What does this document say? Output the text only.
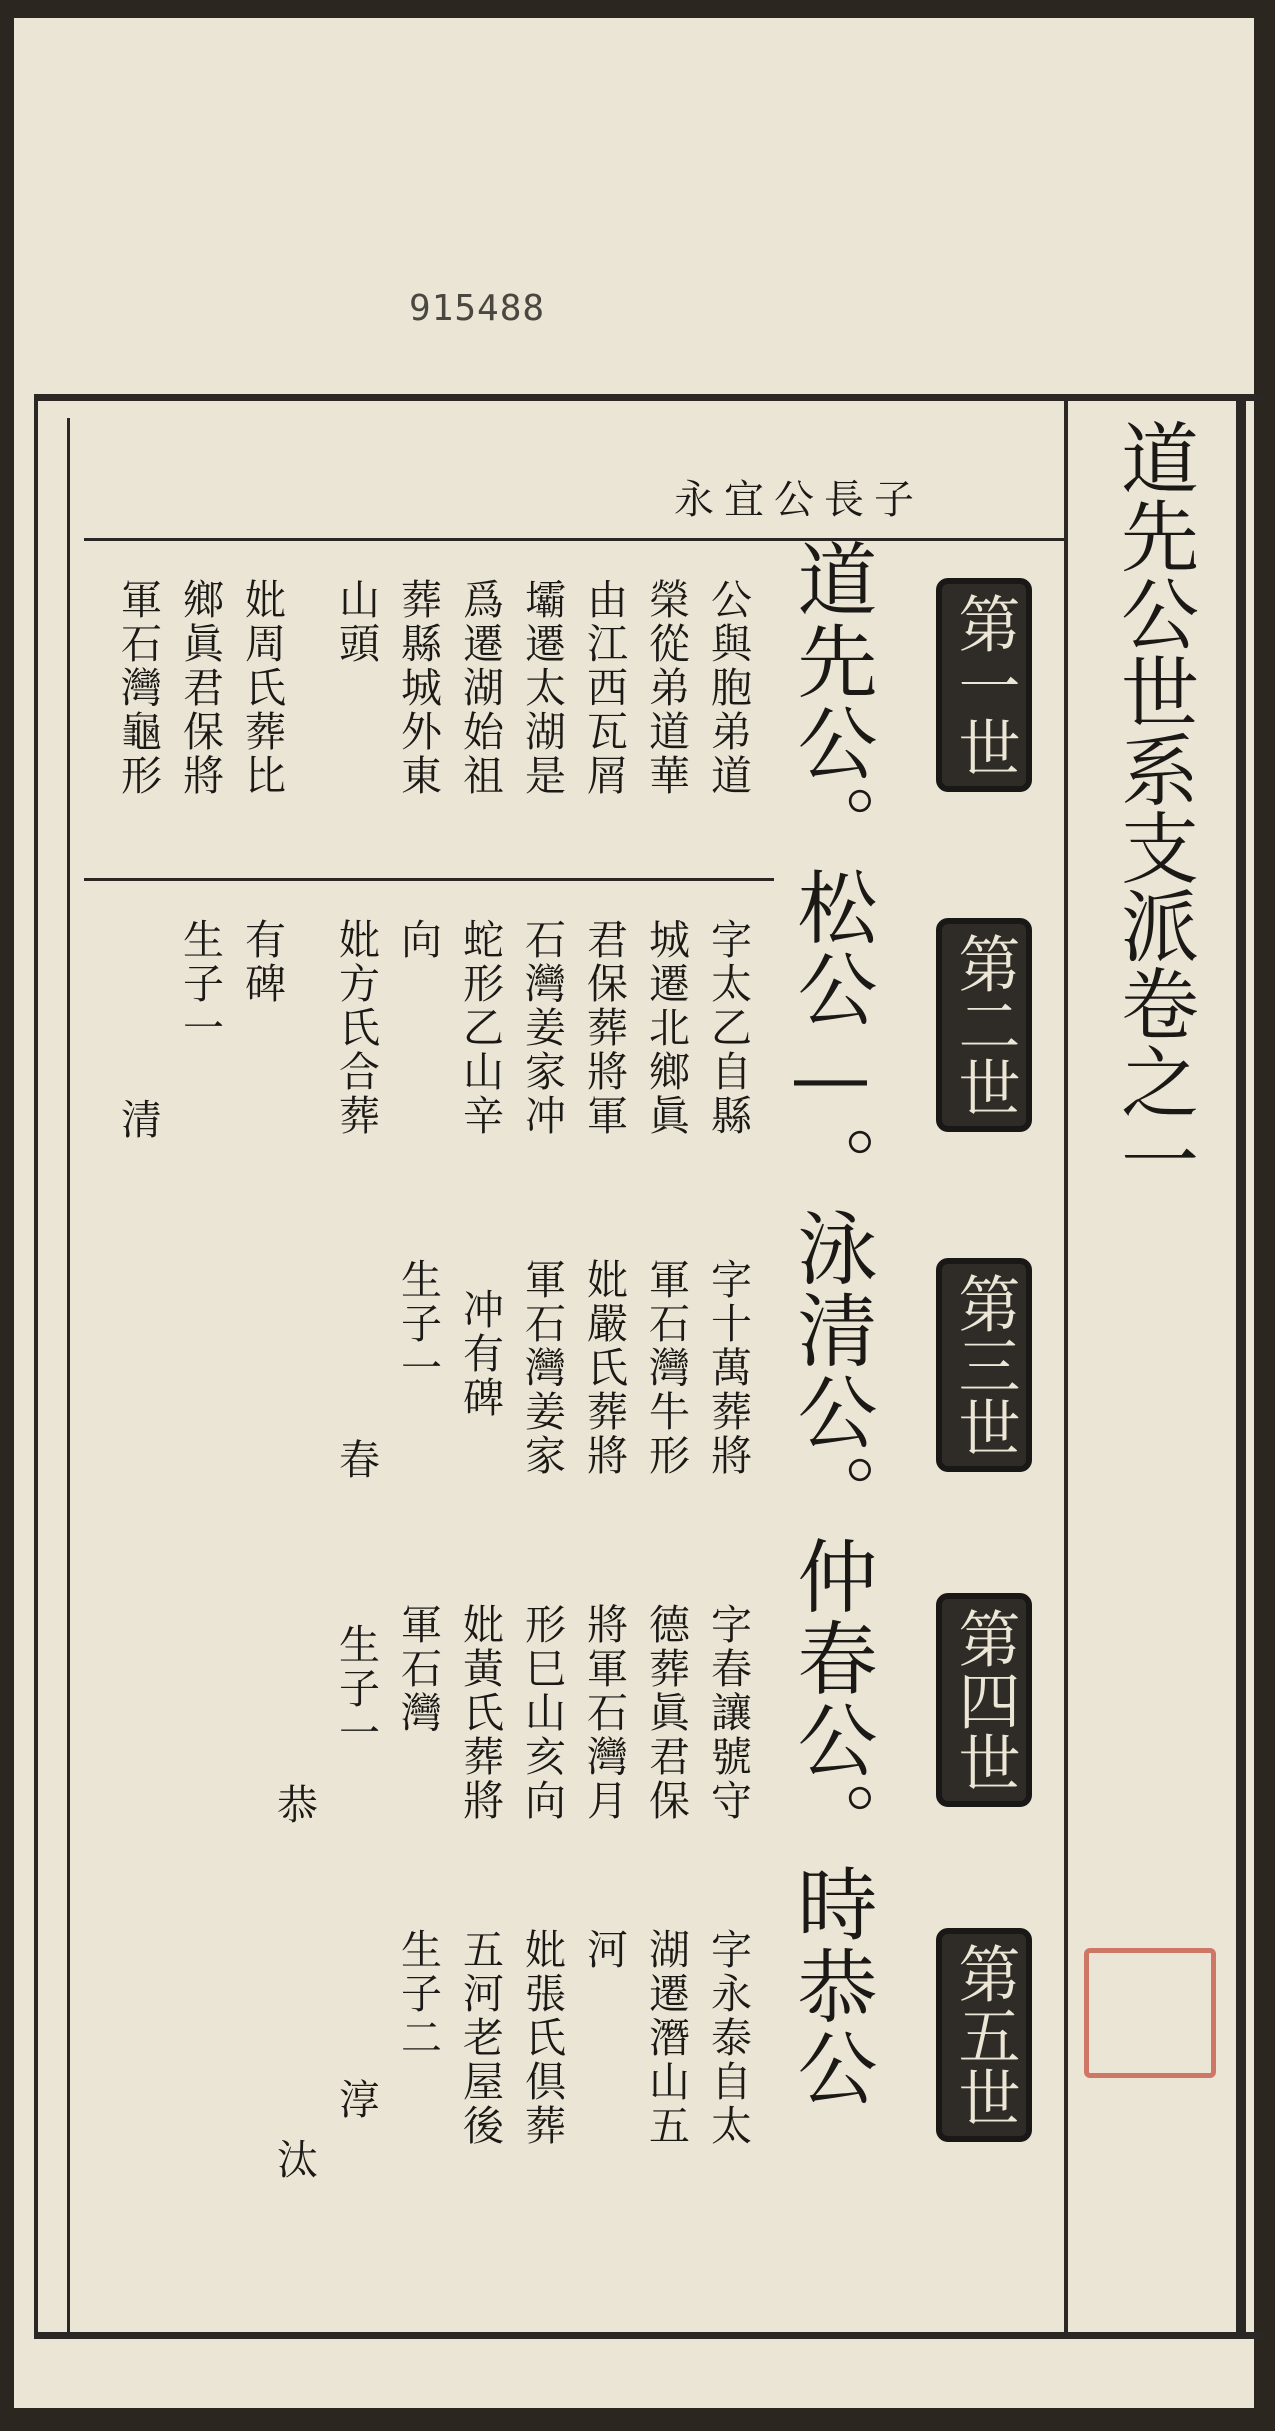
915488
道先公世系支派卷之一
子長公宜永
道先公。松公—。泳清公。仲春公。時恭公 第一世
第二世
第三世
第四世
第五世
公與胞弟道
榮從弟道華
由江西瓦屑
壩遷太湖是
爲遷湖始祖
葬縣城外東
山頭
妣周氏葬比
鄉眞君保將
軍石灣龜形
字太乙自縣
城遷北鄉眞
君保葬將軍
石灣姜家冲
蛇形乙山辛
向
妣方氏合葬
有碑
生子一
清
字十萬葬將
軍石灣牛形
妣嚴氏葬將
軍石灣姜家
冲有碑
生子一
春
字春讓號守
德葬眞君保
將軍石灣月
形巳山亥向
妣黃氏葬將
軍石灣
生子一
恭
字永泰自太
湖遷潛山五
河
妣張氏倶葬
五河老屋後
生子二
淳
汰
